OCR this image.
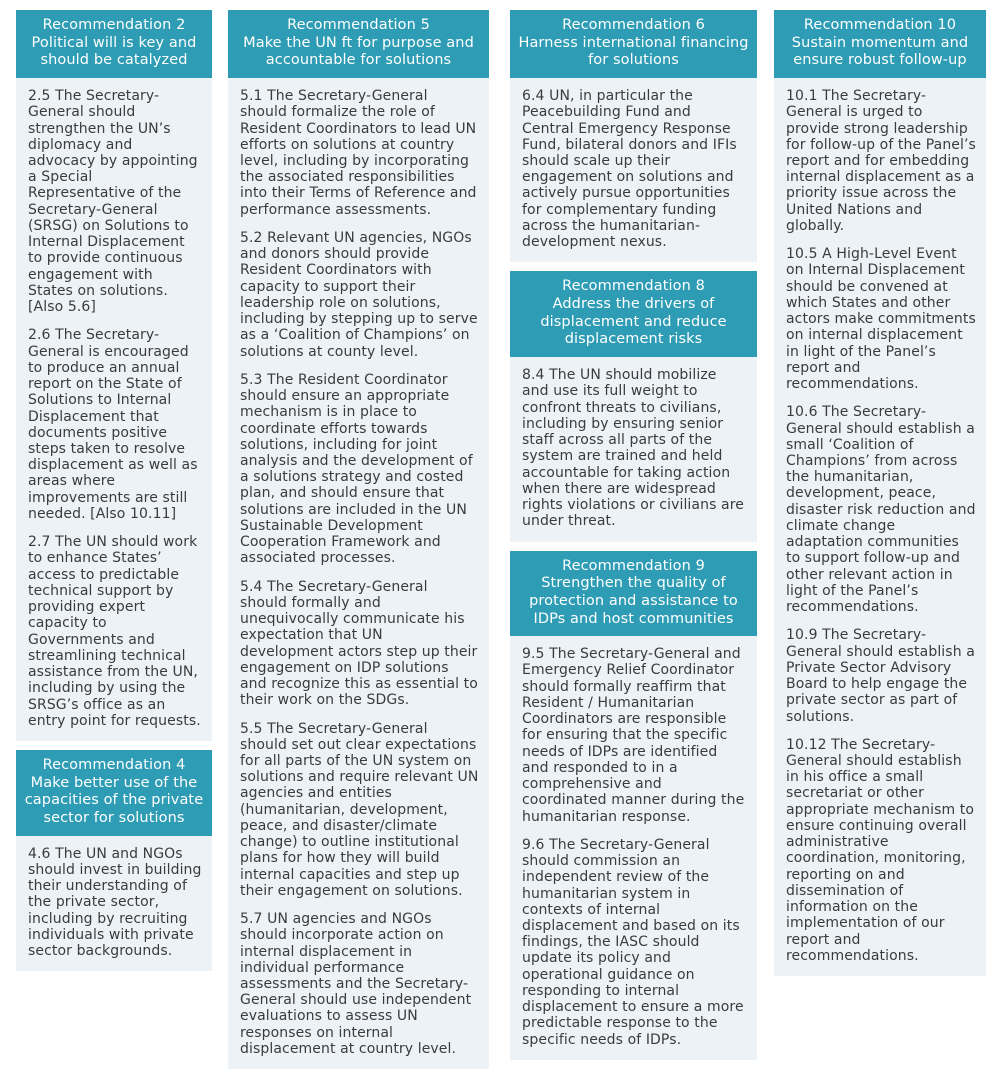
Recommendation 2
Political will is key and should be catalyzed

2.5 The Secretary-General should strengthen the UN’s diplomacy and advocacy by appointing a Special Representative of the Secretary-General (SRSG) on Solutions to Internal Displacement to provide continuous engagement with States on solutions. [Also 5.6]

2.6 The Secretary-General is encouraged to produce an annual report on the State of Solutions to Internal Displacement that documents positive steps taken to resolve displacement as well as areas where improvements are still needed. [Also 10.11]

2.7 The UN should work to enhance States’ access to predictable technical support by providing expert capacity to Governments and streamlining technical assistance from the UN, including by using the SRSG’s office as an entry point for requests.

Recommendation 4
Make better use of the capacities of the private sector for solutions

4.6 The UN and NGOs should invest in building their understanding of the private sector, including by recruiting individuals with private sector backgrounds.

Recommendation 5
Make the UN ft for purpose and accountable for solutions

5.1 The Secretary-General should formalize the role of Resident Coordinators to lead UN efforts on solutions at country level, including by incorporating the associated responsibilities into their Terms of Reference and performance assessments.

5.2 Relevant UN agencies, NGOs and donors should provide Resident Coordinators with capacity to support their leadership role on solutions, including by stepping up to serve as a ‘Coalition of Champions’ on solutions at county level.

5.3 The Resident Coordinator should ensure an appropriate mechanism is in place to coordinate efforts towards solutions, including for joint analysis and the development of a solutions strategy and costed plan, and should ensure that solutions are included in the UN Sustainable Development Cooperation Framework and associated processes.

5.4 The Secretary-General should formally and unequivocally communicate his expectation that UN development actors step up their engagement on IDP solutions and recognize this as essential to their work on the SDGs.

5.5 The Secretary-General should set out clear expectations for all parts of the UN system on solutions and require relevant UN agencies and entities (humanitarian, development, peace, and disaster/climate change) to outline institutional plans for how they will build internal capacities and step up their engagement on solutions.

5.7 UN agencies and NGOs should incorporate action on internal displacement in individual performance assessments and the Secretary-General should use independent evaluations to assess UN responses on internal displacement at country level.

Recommendation 6
Harness international financing for solutions

6.4 UN, in particular the Peacebuilding Fund and Central Emergency Response Fund, bilateral donors and IFIs should scale up their engagement on solutions and actively pursue opportunities for complementary funding across the humanitarian-development nexus.

Recommendation 8
Address the drivers of displacement and reduce displacement risks

8.4 The UN should mobilize and use its full weight to confront threats to civilians, including by ensuring senior staff across all parts of the system are trained and held accountable for taking action when there are widespread rights violations or civilians are under threat.

Recommendation 9
Strengthen the quality of protection and assistance to IDPs and host communities

9.5 The Secretary-General and Emergency Relief Coordinator should formally reaffirm that Resident / Humanitarian Coordinators are responsible for ensuring that the specific needs of IDPs are identified and responded to in a comprehensive and coordinated manner during the humanitarian response.

9.6 The Secretary-General should commission an independent review of the humanitarian system in contexts of internal displacement and based on its findings, the IASC should update its policy and operational guidance on responding to internal displacement to ensure a more predictable response to the specific needs of IDPs.

Recommendation 10
Sustain momentum and ensure robust follow-up

10.1 The Secretary-General is urged to provide strong leadership for follow-up of the Panel’s report and for embedding internal displacement as a priority issue across the United Nations and globally.

10.5 A High-Level Event on Internal Displacement should be convened at which States and other actors make commitments on internal displacement in light of the Panel’s report and recommendations.

10.6 The Secretary-General should establish a small ‘Coalition of Champions’ from across the humanitarian, development, peace, disaster risk reduction and climate change adaptation communities to support follow-up and other relevant action in light of the Panel’s recommendations.

10.9 The Secretary-General should establish a Private Sector Advisory Board to help engage the private sector as part of solutions.

10.12 The Secretary-General should establish in his office a small secretariat or other appropriate mechanism to ensure continuing overall administrative coordination, monitoring, reporting on and dissemination of information on the implementation of our report and recommendations.
